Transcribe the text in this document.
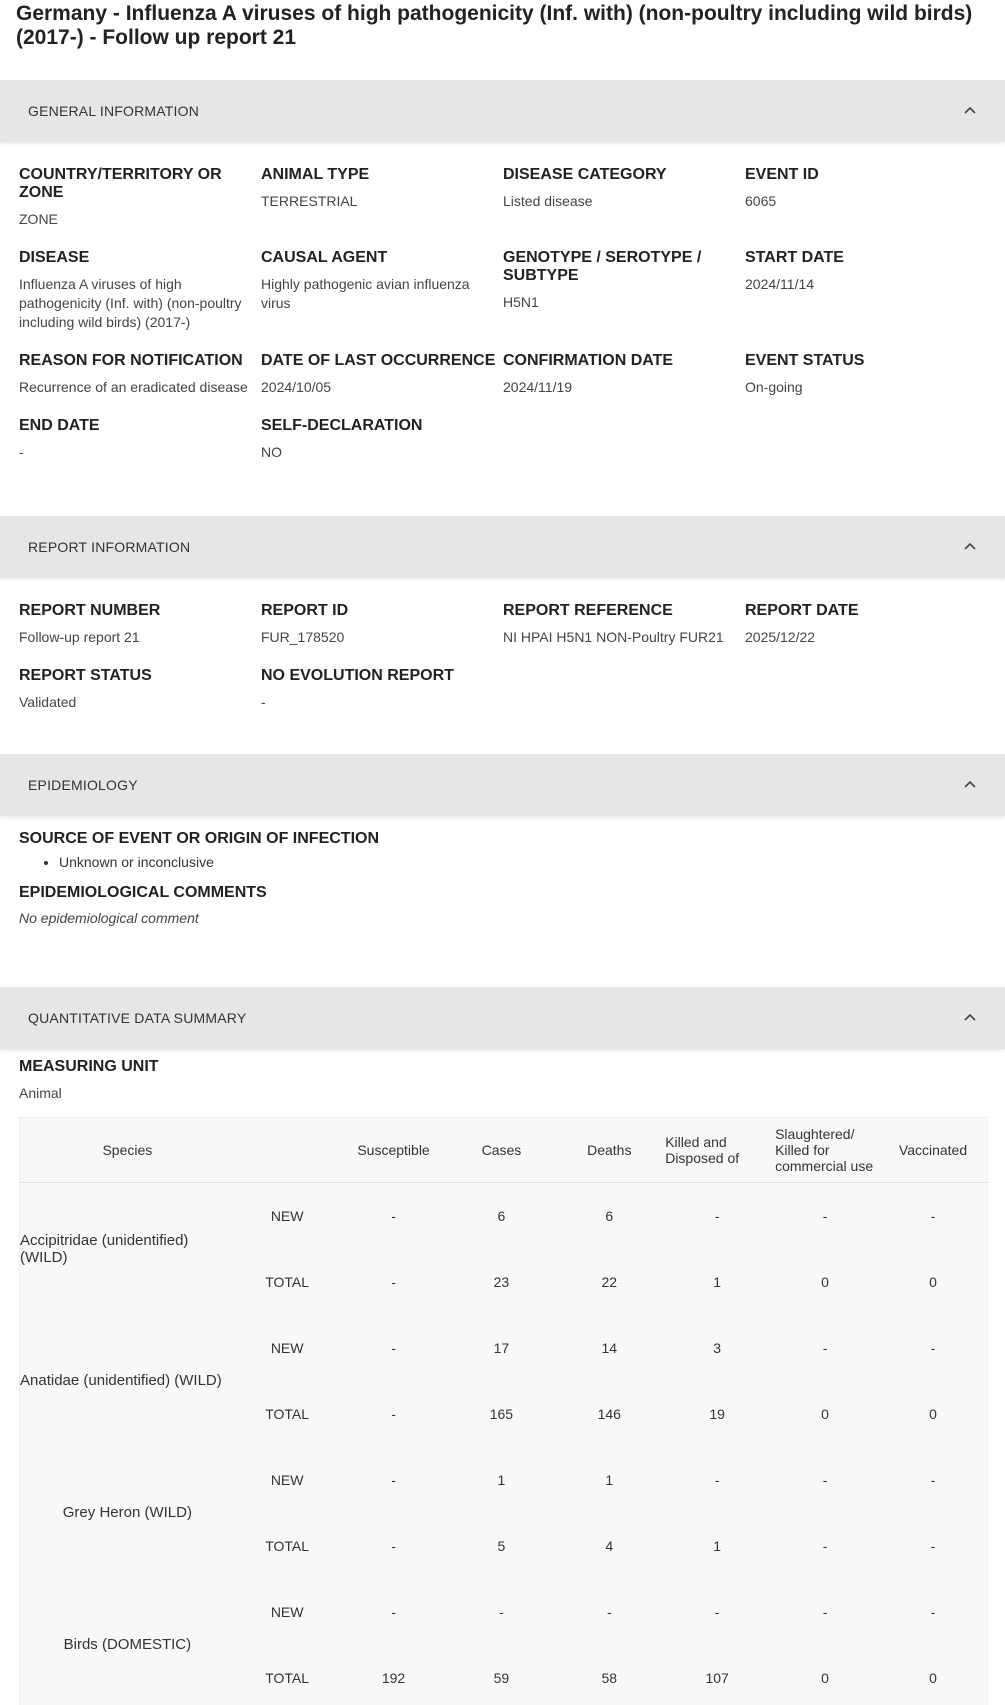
Germany - Influenza A viruses of high pathogenicity (Inf. with) (non-poultry including wild birds) (2017-) - Follow up report 21
GENERAL INFORMATION
COUNTRY/TERRITORY OR ZONE
ZONE
ANIMAL TYPE
TERRESTRIAL
DISEASE CATEGORY
Listed disease
EVENT ID
6065
DISEASE
Influenza A viruses of high pathogenicity (Inf. with) (non-poultry including wild birds) (2017-)
CAUSAL AGENT
Highly pathogenic avian influenza virus
GENOTYPE / SEROTYPE / SUBTYPE
H5N1
START DATE
2024/11/14
REASON FOR NOTIFICATION
Recurrence of an eradicated disease
DATE OF LAST OCCURRENCE
2024/10/05
CONFIRMATION DATE
2024/11/19
EVENT STATUS
On-going
END DATE
-
SELF-DECLARATION
NO
REPORT INFORMATION
REPORT NUMBER
Follow-up report 21
REPORT ID
FUR_178520
REPORT REFERENCE
NI HPAI H5N1 NON-Poultry FUR21
REPORT DATE
2025/12/22
REPORT STATUS
Validated
NO EVOLUTION REPORT
-
EPIDEMIOLOGY
SOURCE OF EVENT OR ORIGIN OF INFECTION
• Unknown or inconclusive
EPIDEMIOLOGICAL COMMENTS
No epidemiological comment
QUANTITATIVE DATA SUMMARY
MEASURING UNIT
Animal
Species		Susceptible	Cases	Deaths	Killed and Disposed of	Slaughtered/ Killed for commercial use	Vaccinated
Accipitridae (unidentified) (WILD)	NEW	-	6	6	-	-	-
	TOTAL	-	23	22	1	0	0
Anatidae (unidentified) (WILD)	NEW	-	17	14	3	-	-
	TOTAL	-	165	146	19	0	0
Grey Heron (WILD)	NEW	-	1	1	-	-	-
	TOTAL	-	5	4	1	-	-
Birds (DOMESTIC)	NEW	-	-	-	-	-	-
	TOTAL	192	59	58	107	0	0
